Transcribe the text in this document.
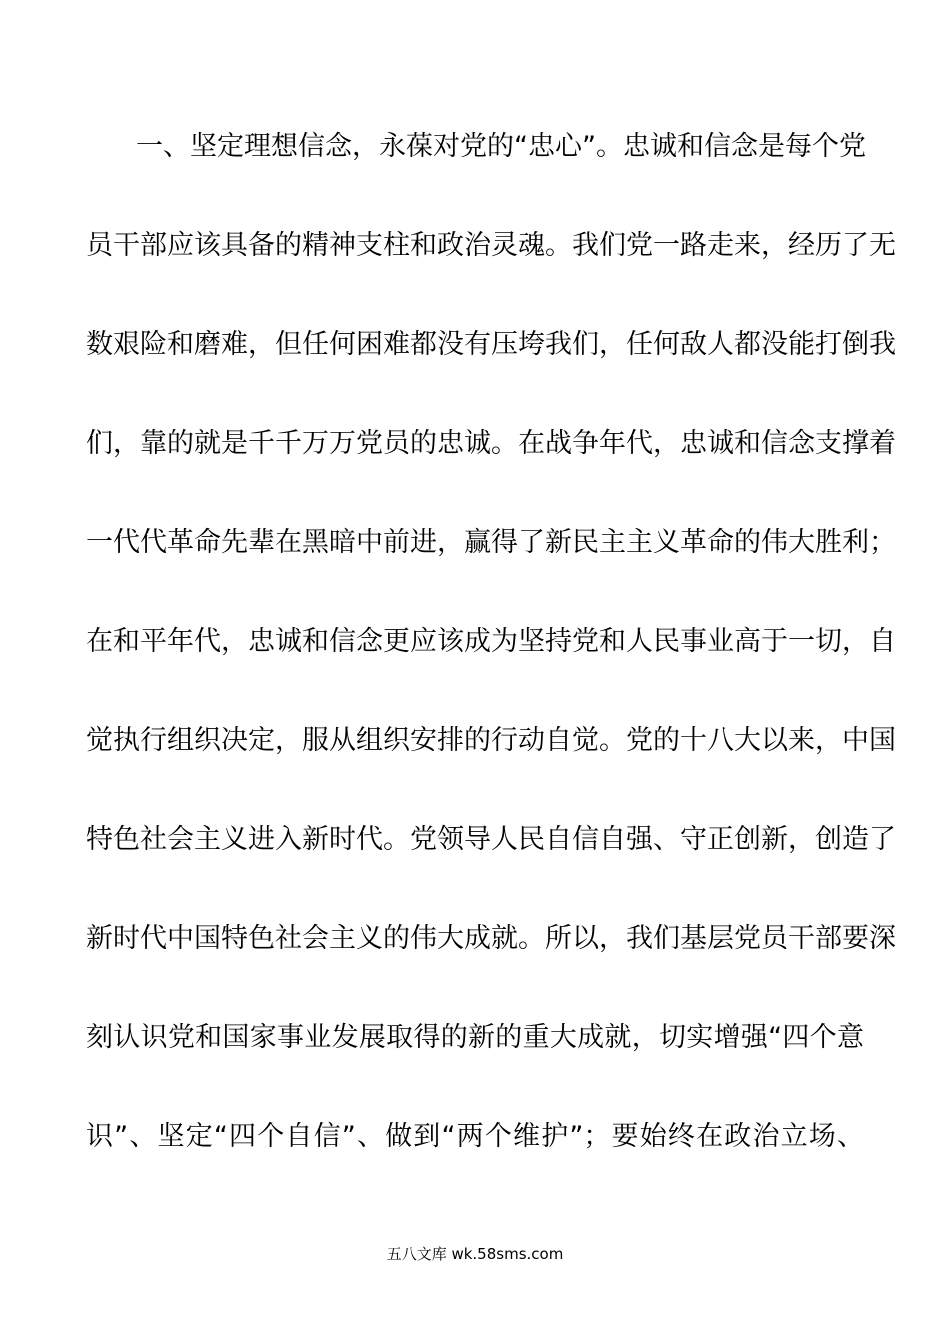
一、坚定理想信念，永葆对党的“忠心”。忠诚和信念是每个党
员干部应该具备的精神支柱和政治灵魂。我们党一路走来，经历了无
数艰险和磨难，但任何困难都没有压垮我们，任何敌人都没能打倒我
们，靠的就是千千万万党员的忠诚。在战争年代，忠诚和信念支撑着
一代代革命先辈在黑暗中前进，赢得了新民主主义革命的伟大胜利；
在和平年代，忠诚和信念更应该成为坚持党和人民事业高于一切，自
觉执行组织决定，服从组织安排的行动自觉。党的十八大以来，中国
特色社会主义进入新时代。党领导人民自信自强、守正创新，创造了
新时代中国特色社会主义的伟大成就。所以，我们基层党员干部要深
刻认识党和国家事业发展取得的新的重大成就，切实增强“四个意
识”、坚定“四个自信”、做到“两个维护”；要始终在政治立场、
五八文库 wk.58sms.com
